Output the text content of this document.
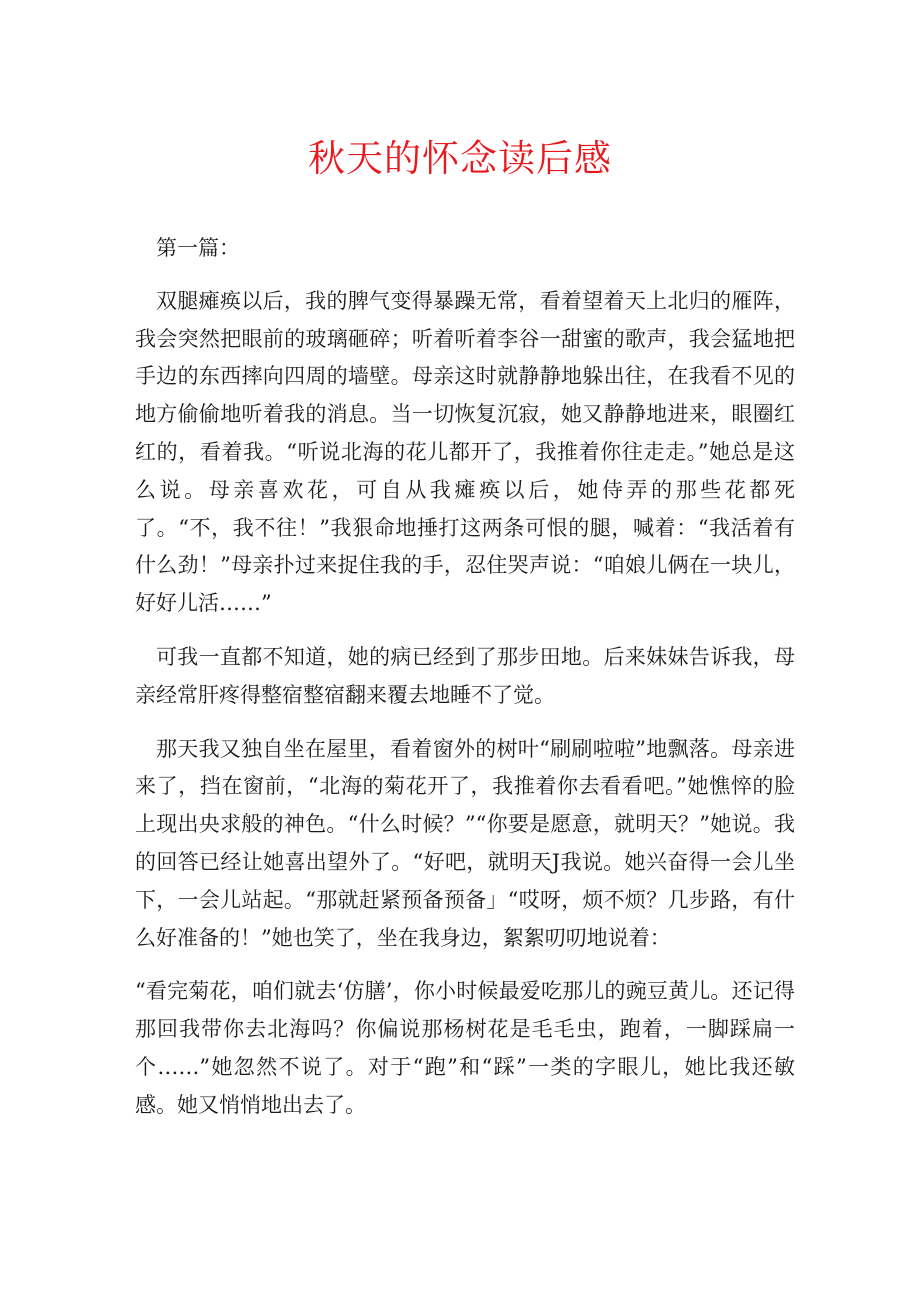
秋天的怀念读后感

第一篇：

双腿瘫痪以后，我的脾气变得暴躁无常，看着望着天上北归的雁阵，我会突然把眼前的玻璃砸碎；听着听着李谷一甜蜜的歌声，我会猛地把手边的东西摔向四周的墙壁。母亲这时就静静地躲出往，在我看不见的地方偷偷地听着我的消息。当一切恢复沉寂，她又静静地进来，眼圈红红的，看着我。“听说北海的花儿都开了，我推着你往走走。”她总是这么说。母亲喜欢花，可自从我瘫痪以后，她侍弄的那些花都死了。“不，我不往！”我狠命地捶打这两条可恨的腿，喊着：“我活着有什么劲！”母亲扑过来捉住我的手，忍住哭声说：“咱娘儿俩在一块儿，好好儿活……”

可我一直都不知道，她的病已经到了那步田地。后来妹妹告诉我，母亲经常肝疼得整宿整宿翻来覆去地睡不了觉。

那天我又独自坐在屋里，看着窗外的树叶“刷刷啦啦”地飘落。母亲进来了，挡在窗前，“北海的菊花开了，我推着你去看看吧。”她憔悴的脸上现出央求般的神色。“什么时候？”“你要是愿意，就明天？”她说。我的回答已经让她喜出望外了。“好吧，就明天J我说。她兴奋得一会儿坐下，一会儿站起。“那就赶紧预备预备」“哎呀，烦不烦？几步路，有什么好准备的！”她也笑了，坐在我身边，絮絮叨叨地说着：

“看完菊花，咱们就去‘仿膳’，你小时候最爱吃那儿的豌豆黄儿。还记得那回我带你去北海吗？你偏说那杨树花是毛毛虫，跑着，一脚踩扁一个……”她忽然不说了。对于“跑”和“踩”一类的字眼儿，她比我还敏感。她又悄悄地出去了。
